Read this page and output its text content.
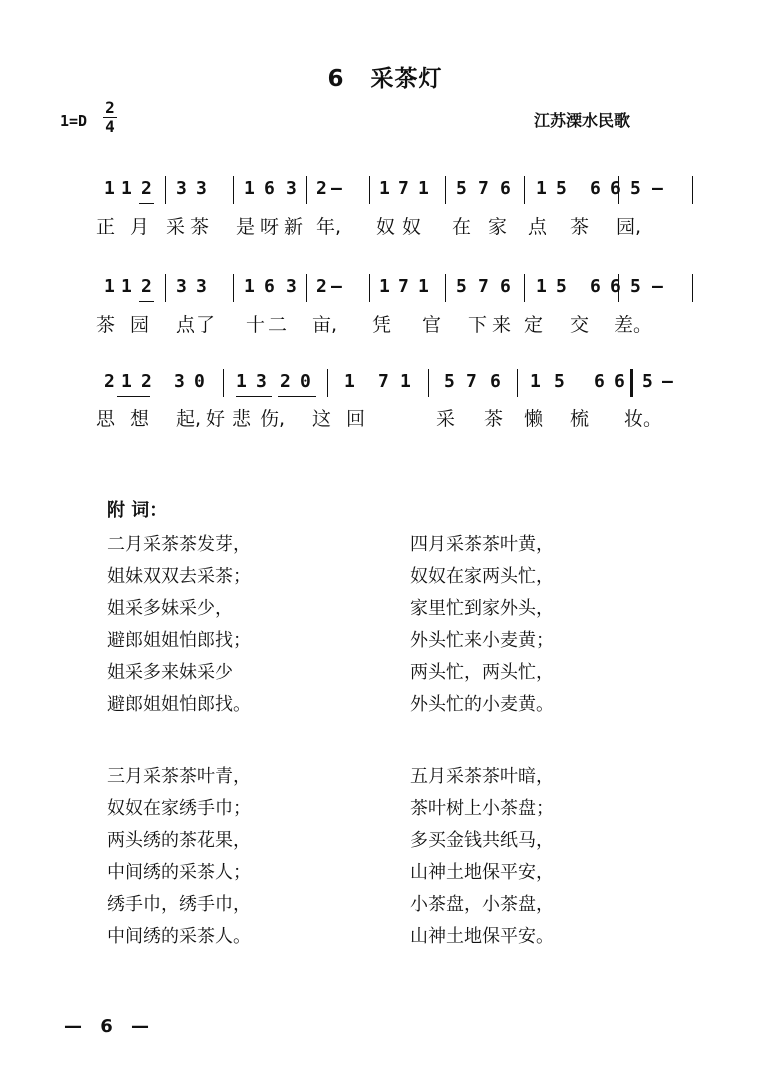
6 采茶灯
1=D
2
4	江苏溧水民歌
1 1 2 3 3 1 6 3 2 — 1 7 1 5 7 6 1 5 6 6 5 —
正 月 采 茶 是 呀 新 年, 奴 奴 在 家 点 茶 园,
1 1 2 3 3 1 6 3 2 — 1 7 1 5 7 6 1 5 6 6 5 —
茶 园 点 了 十 二 亩, 凭 官 下 来 定 交 差。
2 1 2 3 0 1 3 2 0 1 7 1 5 7 6 1 5 6 6 5 —
思 想 起, 好 悲 伤, 这 回	采 茶 懒 梳 妆。
附 词：
二月采茶茶发芽，
姐妹双双去采茶；
姐采多妹采少，
避郎姐姐怕郎找；
姐采多来妹采少
避郎姐姐怕郎找。
四月采茶茶叶黄，
奴奴在家两头忙，
家里忙到家外头，
外头忙来小麦黄；
两头忙，两头忙，
外头忙的小麦黄。
三月采茶茶叶青，
奴奴在家绣手巾；
两头绣的茶花果，
中间绣的采茶人；
绣手巾，绣手巾，
中间绣的采茶人。
五月采茶茶叶暗，
茶叶树上小茶盘；
多买金钱共纸马，
山神土地保平安，
小茶盘，小茶盘，
山神土地保平安。
— 6 —
